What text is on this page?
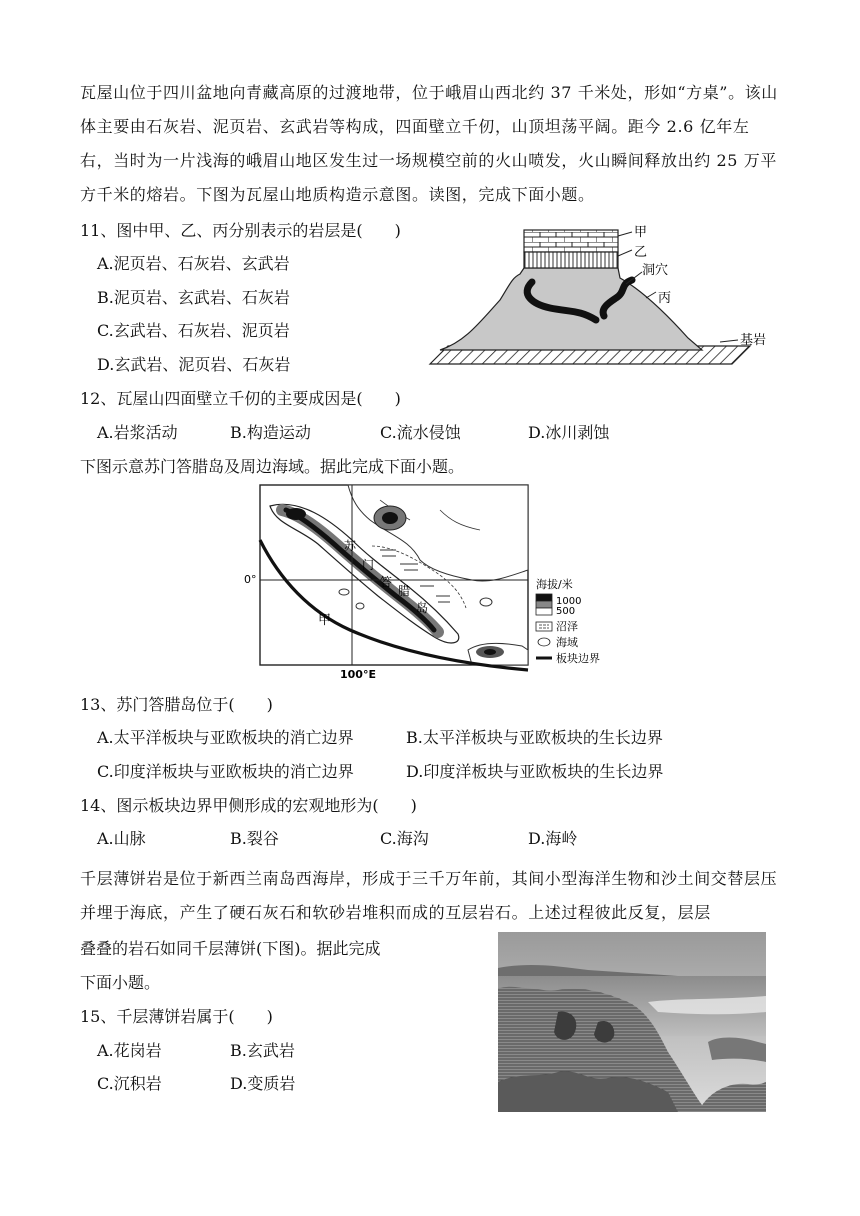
瓦屋山位于四川盆地向青藏高原的过渡地带，位于峨眉山西北约 37 千米处，形如“方桌”。该山体主要由石灰岩、泥页岩、玄武岩等构成，四面壁立千仞，山顶坦荡平阔。距今 2.6 亿年左右，当时为一片浅海的峨眉山地区发生过一场规模空前的火山喷发，火山瞬间释放出约 25 万平方千米的熔岩。下图为瓦屋山地质构造示意图。读图，完成下面小题。
11、图中甲、乙、丙分别表示的岩层是(　　)
A.泥页岩、石灰岩、玄武岩
B.泥页岩、玄武岩、石灰岩
C.玄武岩、石灰岩、泥页岩
D.玄武岩、泥页岩、石灰岩
甲
乙
洞穴
丙
基岩
12、瓦屋山四面壁立千仞的主要成因是(　　)
A.岩浆活动	B.构造运动	C.流水侵蚀	D.冰川剥蚀
下图示意苏门答腊岛及周边海域。据此完成下面小题。
0°
100°E
甲
苏
门
答
腊
岛
海拔/米
1000
500
沼泽
海域
板块边界
13、苏门答腊岛位于(　　)
A.太平洋板块与亚欧板块的消亡边界	B.太平洋板块与亚欧板块的生长边界
C.印度洋板块与亚欧板块的消亡边界	D.印度洋板块与亚欧板块的生长边界
14、图示板块边界甲侧形成的宏观地形为(　　)
A.山脉	B.裂谷	C.海沟	D.海岭
千层薄饼岩是位于新西兰南岛西海岸，形成于三千万年前，其间小型海洋生物和沙土间交替层压并埋于海底，产生了硬石灰石和软砂岩堆积而成的互层岩石。上述过程彼此反复，层层
叠叠的岩石如同千层薄饼(下图)。据此完成
下面小题。
15、千层薄饼岩属于(　　)
A.花岗岩	B.玄武岩
C.沉积岩	D.变质岩
